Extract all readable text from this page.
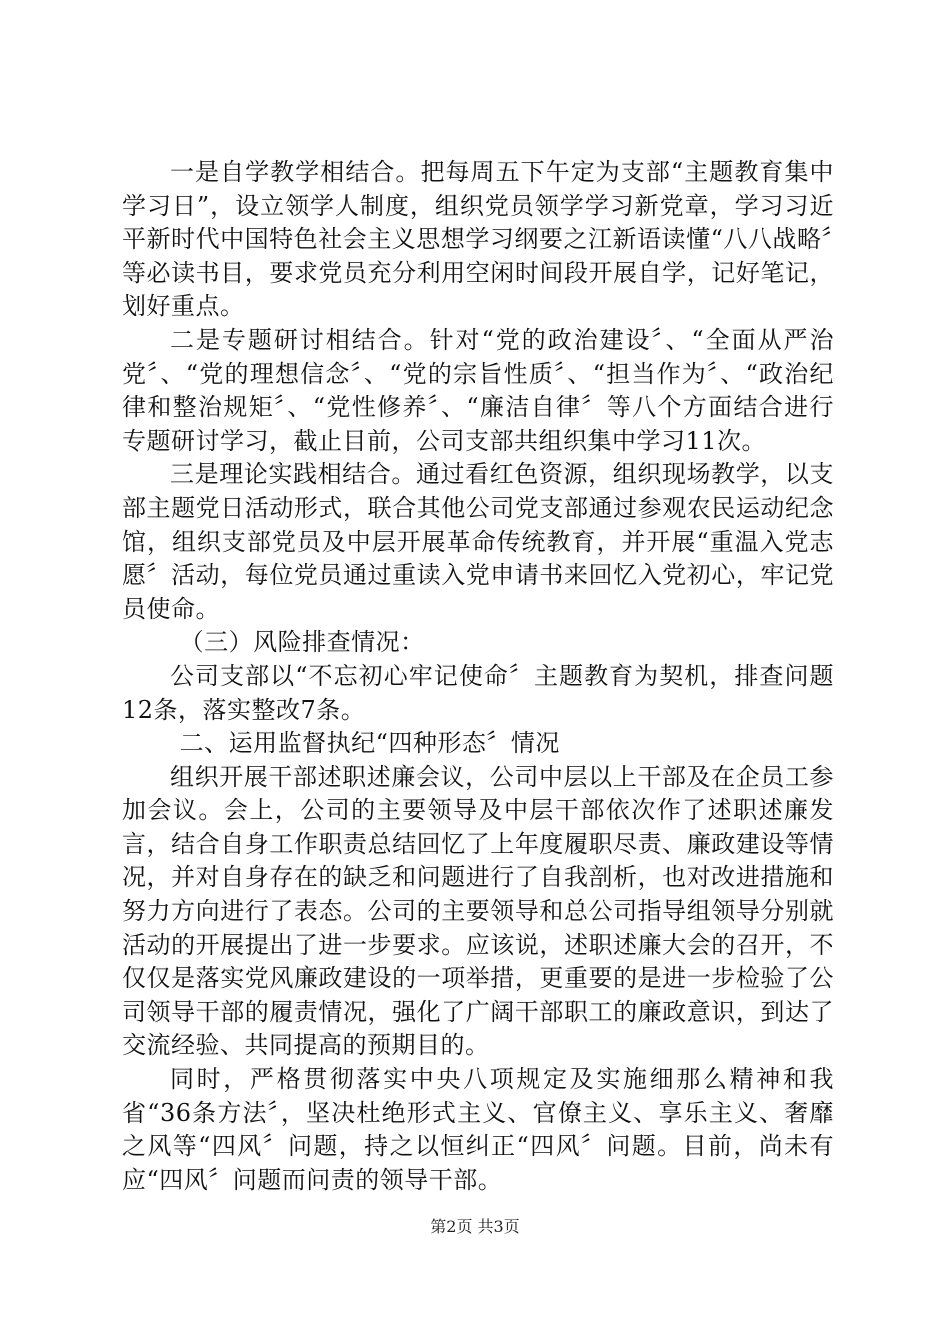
一是自学教学相结合。把每周五下午定为支部“主题教育集中学习日”，设立领学人制度，组织党员领学学习新党章，学习习近平新时代中国特色社会主义思想学习纲要之江新语读懂“八八战略〞等必读书目，要求党员充分利用空闲时间段开展自学，记好笔记，划好重点。

二是专题研讨相结合。针对“党的政治建设〞、“全面从严治党〞、“党的理想信念〞、“党的宗旨性质〞、“担当作为〞、“政治纪律和整治规矩〞、“党性修养〞、“廉洁自律〞等八个方面结合进行专题研讨学习，截止目前，公司支部共组织集中学习11次。

三是理论实践相结合。通过看红色资源，组织现场教学，以支部主题党日活动形式，联合其他公司党支部通过参观农民运动纪念馆，组织支部党员及中层开展革命传统教育，并开展“重温入党志愿〞活动，每位党员通过重读入党申请书来回忆入党初心，牢记党员使命。

（三）风险排查情况：

公司支部以“不忘初心牢记使命〞主题教育为契机，排查问题12条，落实整改7条。

二、运用监督执纪“四种形态〞情况

组织开展干部述职述廉会议，公司中层以上干部及在企员工参加会议。会上，公司的主要领导及中层干部依次作了述职述廉发言，结合自身工作职责总结回忆了上年度履职尽责、廉政建设等情况，并对自身存在的缺乏和问题进行了自我剖析，也对改进措施和努力方向进行了表态。公司的主要领导和总公司指导组领导分别就活动的开展提出了进一步要求。应该说，述职述廉大会的召开，不仅仅是落实党风廉政建设的一项举措，更重要的是进一步检验了公司领导干部的履责情况，强化了广阔干部职工的廉政意识，到达了交流经验、共同提高的预期目的。

同时，严格贯彻落实中央八项规定及实施细那么精神和我省“36条方法〞，坚决杜绝形式主义、官僚主义、享乐主义、奢靡之风等“四风〞问题，持之以恒纠正“四风〞问题。目前，尚未有应“四风〞问题而问责的领导干部。

第2页 共3页
